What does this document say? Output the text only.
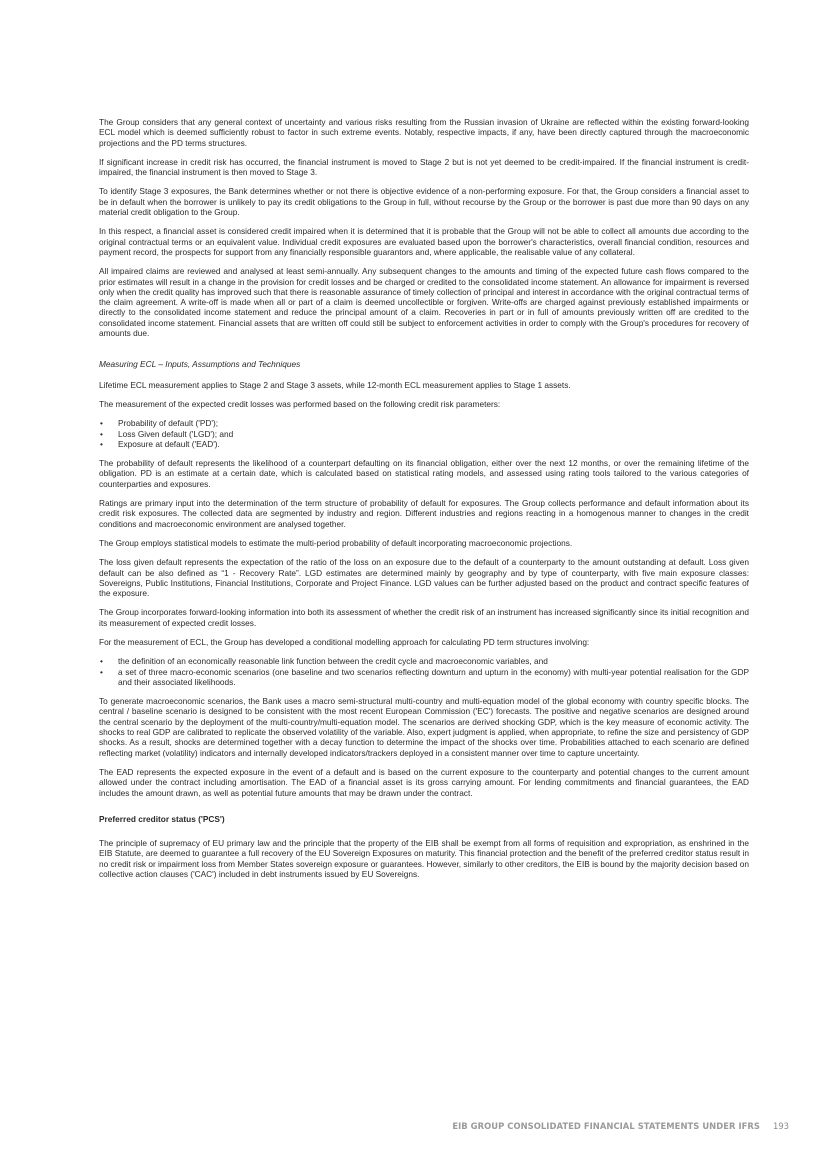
The Group considers that any general context of uncertainty and various risks resulting from the Russian invasion of Ukraine are reflected within the existing forward-looking ECL model which is deemed sufficiently robust to factor in such extreme events. Notably, respective impacts, if any, have been directly captured through the macroeconomic projections and the PD terms structures.

If significant increase in credit risk has occurred, the financial instrument is moved to Stage 2 but is not yet deemed to be credit-impaired. If the financial instrument is credit-impaired, the financial instrument is then moved to Stage 3.

To identify Stage 3 exposures, the Bank determines whether or not there is objective evidence of a non-performing exposure. For that, the Group considers a financial asset to be in default when the borrower is unlikely to pay its credit obligations to the Group in full, without recourse by the Group or the borrower is past due more than 90 days on any material credit obligation to the Group.

In this respect, a financial asset is considered credit impaired when it is determined that it is probable that the Group will not be able to collect all amounts due according to the original contractual terms or an equivalent value. Individual credit exposures are evaluated based upon the borrower's characteristics, overall financial condition, resources and payment record, the prospects for support from any financially responsible guarantors and, where applicable, the realisable value of any collateral.

All impaired claims are reviewed and analysed at least semi-annually. Any subsequent changes to the amounts and timing of the expected future cash flows compared to the prior estimates will result in a change in the provision for credit losses and be charged or credited to the consolidated income statement. An allowance for impairment is reversed only when the credit quality has improved such that there is reasonable assurance of timely collection of principal and interest in accordance with the original contractual terms of the claim agreement. A write-off is made when all or part of a claim is deemed uncollectible or forgiven. Write-offs are charged against previously established impairments or directly to the consolidated income statement and reduce the principal amount of a claim. Recoveries in part or in full of amounts previously written off are credited to the consolidated income statement. Financial assets that are written off could still be subject to enforcement activities in order to comply with the Group's procedures for recovery of amounts due.

Measuring ECL – Inputs, Assumptions and Techniques

Lifetime ECL measurement applies to Stage 2 and Stage 3 assets, while 12-month ECL measurement applies to Stage 1 assets.

The measurement of the expected credit losses was performed based on the following credit risk parameters:

• Probability of default ('PD');
• Loss Given default ('LGD'); and
• Exposure at default ('EAD').

The probability of default represents the likelihood of a counterpart defaulting on its financial obligation, either over the next 12 months, or over the remaining lifetime of the obligation. PD is an estimate at a certain date, which is calculated based on statistical rating models, and assessed using rating tools tailored to the various categories of counterparties and exposures.

Ratings are primary input into the determination of the term structure of probability of default for exposures. The Group collects performance and default information about its credit risk exposures. The collected data are segmented by industry and region. Different industries and regions reacting in a homogenous manner to changes in the credit conditions and macroeconomic environment are analysed together.

The Group employs statistical models to estimate the multi-period probability of default incorporating macroeconomic projections.

The loss given default represents the expectation of the ratio of the loss on an exposure due to the default of a counterparty to the amount outstanding at default. Loss given default can be also defined as “1 - Recovery Rate”. LGD estimates are determined mainly by geography and by type of counterparty, with five main exposure classes: Sovereigns, Public Institutions, Financial Institutions, Corporate and Project Finance. LGD values can be further adjusted based on the product and contract specific features of the exposure.

The Group incorporates forward-looking information into both its assessment of whether the credit risk of an instrument has increased significantly since its initial recognition and its measurement of expected credit losses.

For the measurement of ECL, the Group has developed a conditional modelling approach for calculating PD term structures involving:

• the definition of an economically reasonable link function between the credit cycle and macroeconomic variables, and
• a set of three macro-economic scenarios (one baseline and two scenarios reflecting downturn and upturn in the economy) with multi-year potential realisation for the GDP and their associated likelihoods.

To generate macroeconomic scenarios, the Bank uses a macro semi-structural multi-country and multi-equation model of the global economy with country specific blocks. The central / baseline scenario is designed to be consistent with the most recent European Commission ('EC') forecasts. The positive and negative scenarios are designed around the central scenario by the deployment of the multi-country/multi-equation model. The scenarios are derived shocking GDP, which is the key measure of economic activity. The shocks to real GDP are calibrated to replicate the observed volatility of the variable. Also, expert judgment is applied, when appropriate, to refine the size and persistency of GDP shocks. As a result, shocks are determined together with a decay function to determine the impact of the shocks over time. Probabilities attached to each scenario are defined reflecting market (volatility) indicators and internally developed indicators/trackers deployed in a consistent manner over time to capture uncertainty.

The EAD represents the expected exposure in the event of a default and is based on the current exposure to the counterparty and potential changes to the current amount allowed under the contract including amortisation. The EAD of a financial asset is its gross carrying amount. For lending commitments and financial guarantees, the EAD includes the amount drawn, as well as potential future amounts that may be drawn under the contract.

Preferred creditor status ('PCS')

The principle of supremacy of EU primary law and the principle that the property of the EIB shall be exempt from all forms of requisition and expropriation, as enshrined in the EIB Statute, are deemed to guarantee a full recovery of the EU Sovereign Exposures on maturity. This financial protection and the benefit of the preferred creditor status result in no credit risk or impairment loss from Member States sovereign exposure or guarantees. However, similarly to other creditors, the EIB is bound by the majority decision based on collective action clauses ('CAC') included in debt instruments issued by EU Sovereigns.

EIB GROUP CONSOLIDATED FINANCIAL STATEMENTS UNDER IFRS 193
